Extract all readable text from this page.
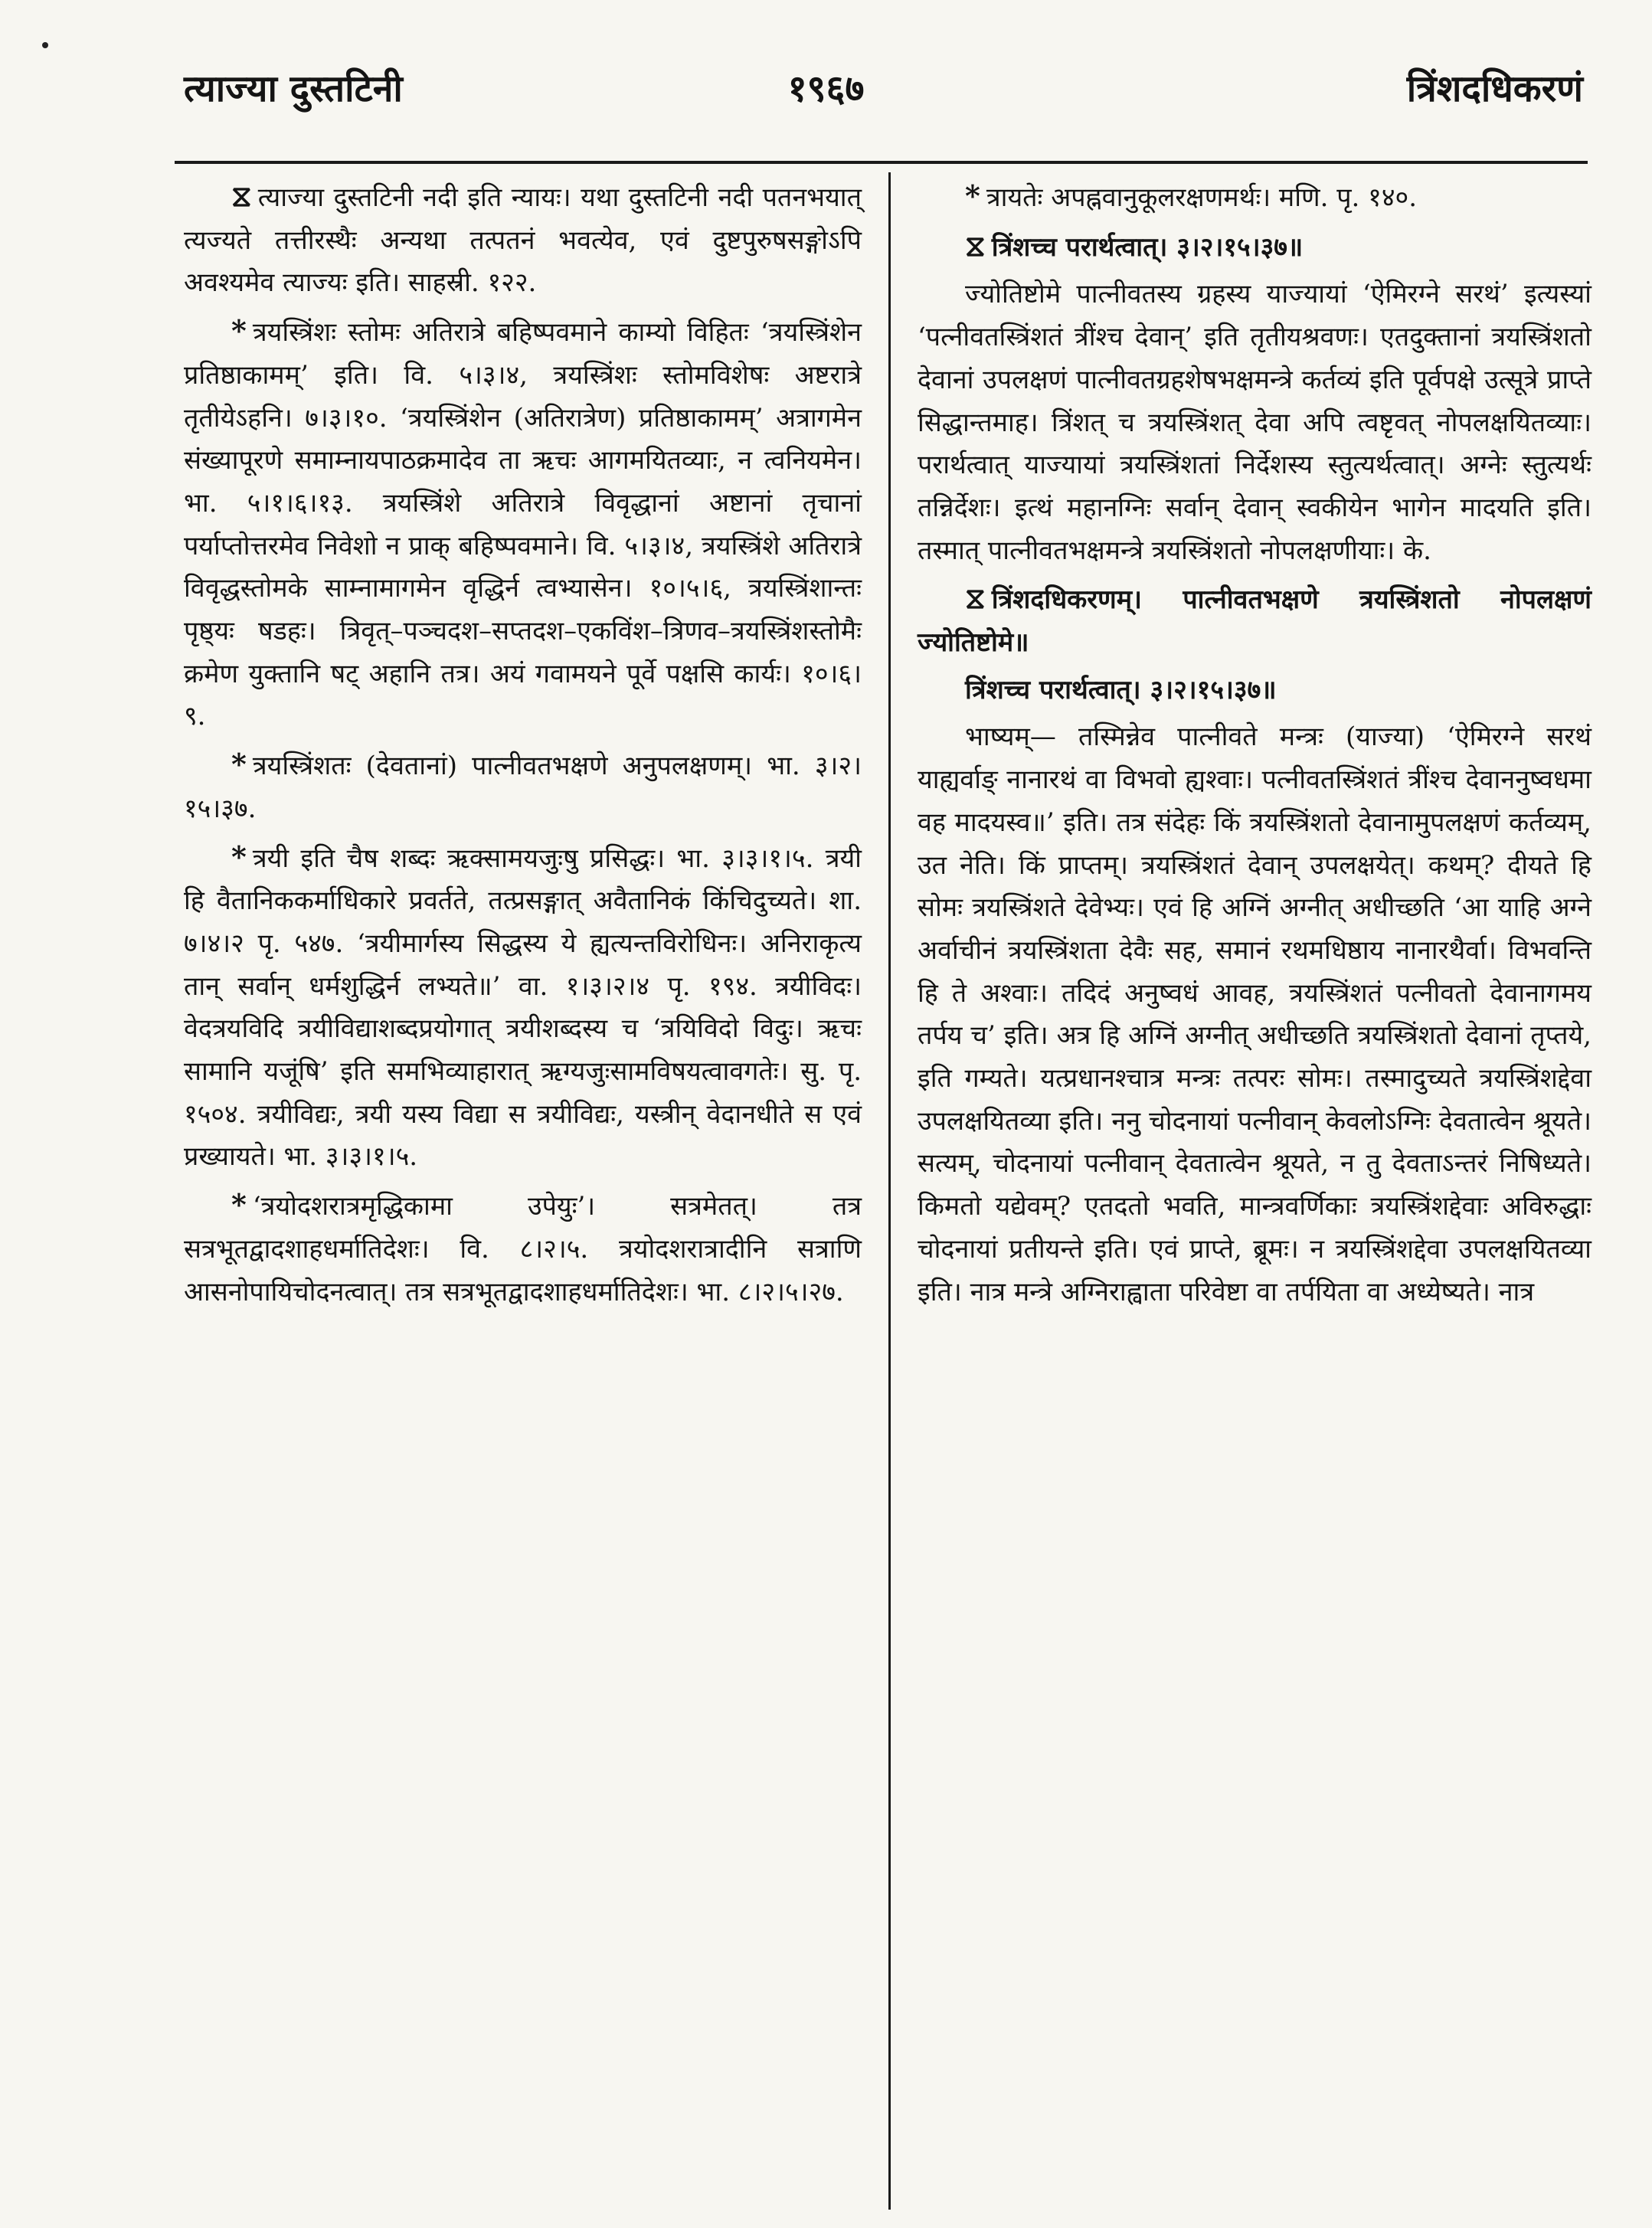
त्याज्या दुस्तटिनी	१९६७	त्रिंशदधिकरणं

⧖ त्याज्या दुस्तटिनी नदी इति न्यायः। यथा दुस्तटिनी नदी पतनभयात् त्यज्यते तत्तीरस्थैः अन्यथा तत्पतनं भवत्येव, एवं दुष्टपुरुषसङ्गोऽपि अवश्यमेव त्याज्यः इति। साहस्री. १२२.

* त्रयस्त्रिंशः स्तोमः अतिरात्रे बहिष्पवमाने काम्यो विहितः ‘त्रयस्त्रिंशेन प्रतिष्ठाकामम्’ इति। वि. ५।३।४, त्रयस्त्रिंशः स्तोमविशेषः अष्टरात्रे तृतीयेऽहनि। ७।३।१०. ‘त्रयस्त्रिंशेन (अतिरात्रेण) प्रतिष्ठाकामम्’ अत्रागमेन संख्यापूरणे समाम्नायपाठक्रमादेव ता ऋचः आगमयितव्याः, न त्वनियमेन। भा. ५।१।६।१३. त्रयस्त्रिंशे अतिरात्रे विवृद्धानां अष्टानां तृचानां पर्याप्तोत्तरमेव निवेशो न प्राक् बहिष्पवमाने। वि. ५।३।४, त्रयस्त्रिंशे अतिरात्रे विवृद्धस्तोमके साम्नामागमेन वृद्धिर्न त्वभ्यासेन। १०।५।६, त्रयस्त्रिंशान्तः पृष्ठ्यः षडहः। त्रिवृत्–पञ्चदश–सप्तदश–एकविंश–त्रिणव–त्रयस्त्रिंशस्तोमैः क्रमेण युक्तानि षट् अहानि तत्र। अयं गवामयने पूर्वे पक्षसि कार्यः। १०।६।९.

* त्रयस्त्रिंशतः (देवतानां) पात्नीवतभक्षणे अनुपलक्षणम्। भा. ३।२।१५।३७.

* त्रयी इति चैष शब्दः ऋक्सामयजुःषु प्रसिद्धः। भा. ३।३।१।५. त्रयी हि वैतानिककर्माधिकारे प्रवर्तते, तत्प्रसङ्गात् अवैतानिकं किंचिदुच्यते। शा. ७।४।२ पृ. ५४७. ‘त्रयीमार्गस्य सिद्धस्य ये ह्यत्यन्तविरोधिनः। अनिराकृत्य तान् सर्वान् धर्मशुद्धिर्न लभ्यते॥’ वा. १।३।२।४ पृ. १९४. त्रयीविदः। वेदत्रयविदि त्रयीविद्याशब्दप्रयोगात् त्रयीशब्दस्य च ‘त्रयिविदो विदुः। ऋचः सामानि यजूंषि’ इति समभिव्याहारात् ऋग्यजुःसामविषयत्वावगतेः। सु. पृ. १५०४. त्रयीविद्यः, त्रयी यस्य विद्या स त्रयीविद्यः, यस्त्रीन् वेदानधीते स एवं प्रख्यायते। भा. ३।३।१।५.

* ‘त्रयोदशरात्रमृद्धिकामा उपेयुः’। सत्रमेतत्। तत्र सत्रभूतद्वादशाहधर्मातिदेशः। वि. ८।२।५. त्रयोदशरात्रादीनि सत्राणि आसनोपायिचोदनत्वात्। तत्र सत्रभूतद्वादशाहधर्मातिदेशः। भा. ८।२।५।२७.

* त्रायतेः अपह्नवानुकूलरक्षणमर्थः। मणि. पृ. १४०.

⧖ त्रिंशच्च परार्थत्वात्। ३।२।१५।३७॥

ज्योतिष्टोमे पात्नीवतस्य ग्रहस्य याज्यायां ‘ऐमिरग्ने सरथं’ इत्यस्यां ‘पत्नीवतस्त्रिंशतं त्रींश्च देवान्’ इति तृतीयश्रवणः। एतदुक्तानां त्रयस्त्रिंशतो देवानां उपलक्षणं पात्नीवतग्रहशेषभक्षमन्त्रे कर्तव्यं इति पूर्वपक्षे उत्सूत्रे प्राप्ते सिद्धान्तमाह। त्रिंशत् च त्रयस्त्रिंशत् देवा अपि त्वष्टृवत् नोपलक्षयितव्याः। परार्थत्वात् याज्यायां त्रयस्त्रिंशतां निर्देशस्य स्तुत्यर्थत्वात्। अग्नेः स्तुत्यर्थः तन्निर्देशः। इत्थं महानग्निः सर्वान् देवान् स्वकीयेन भागेन मादयति इति। तस्मात् पात्नीवतभक्षमन्त्रे त्रयस्त्रिंशतो नोपलक्षणीयाः। के.

⧖ त्रिंशदधिकरणम्। पात्नीवतभक्षणे त्रयस्त्रिंशतो नोपलक्षणं ज्योतिष्टोमे॥

त्रिंशच्च परार्थत्वात्। ३।२।१५।३७॥

भाष्यम्— तस्मिन्नेव पात्नीवते मन्त्रः (याज्या) ‘ऐमिरग्ने सरथं याह्यर्वाङ् नानारथं वा विभवो ह्यश्वाः। पत्नीवतस्त्रिंशतं त्रींश्च देवाननुष्वधमा वह मादयस्व॥’ इति। तत्र संदेहः किं त्रयस्त्रिंशतो देवानामुपलक्षणं कर्तव्यम्, उत नेति। किं प्राप्तम्। त्रयस्त्रिंशतं देवान् उपलक्षयेत्। कथम्? दीयते हि सोमः त्रयस्त्रिंशते देवेभ्यः। एवं हि अग्निं अग्नीत् अधीच्छति ‘आ याहि अग्ने अर्वाचीनं त्रयस्त्रिंशता देवैः सह, समानं रथमधिष्ठाय नानारथैर्वा। विभवन्ति हि ते अश्वाः। तदिदं अनुष्वधं आवह, त्रयस्त्रिंशतं पत्नीवतो देवानागमय तर्पय च’ इति। अत्र हि अग्निं अग्नीत् अधीच्छति त्रयस्त्रिंशतो देवानां तृप्तये, इति गम्यते। यत्प्रधानश्चात्र मन्त्रः तत्परः सोमः। तस्मादुच्यते त्रयस्त्रिंशद्देवा उपलक्षयितव्या इति। ननु चोदनायां पत्नीवान् केवलोऽग्निः देवतात्वेन श्रूयते। सत्यम्, चोदनायां पत्नीवान् देवतात्वेन श्रूयते, न तु देवताऽन्तरं निषिध्यते। किमतो यद्येवम्? एतदतो भवति, मान्त्रवर्णिकाः त्रयस्त्रिंशद्देवाः अविरुद्धाः चोदनायां प्रतीयन्ते इति। एवं प्राप्ते, ब्रूमः। न त्रयस्त्रिंशद्देवा उपलक्षयितव्या इति। नात्र मन्त्रे अग्निराह्वाता परिवेष्टा वा तर्पयिता वा अध्येष्यते। नात्र
